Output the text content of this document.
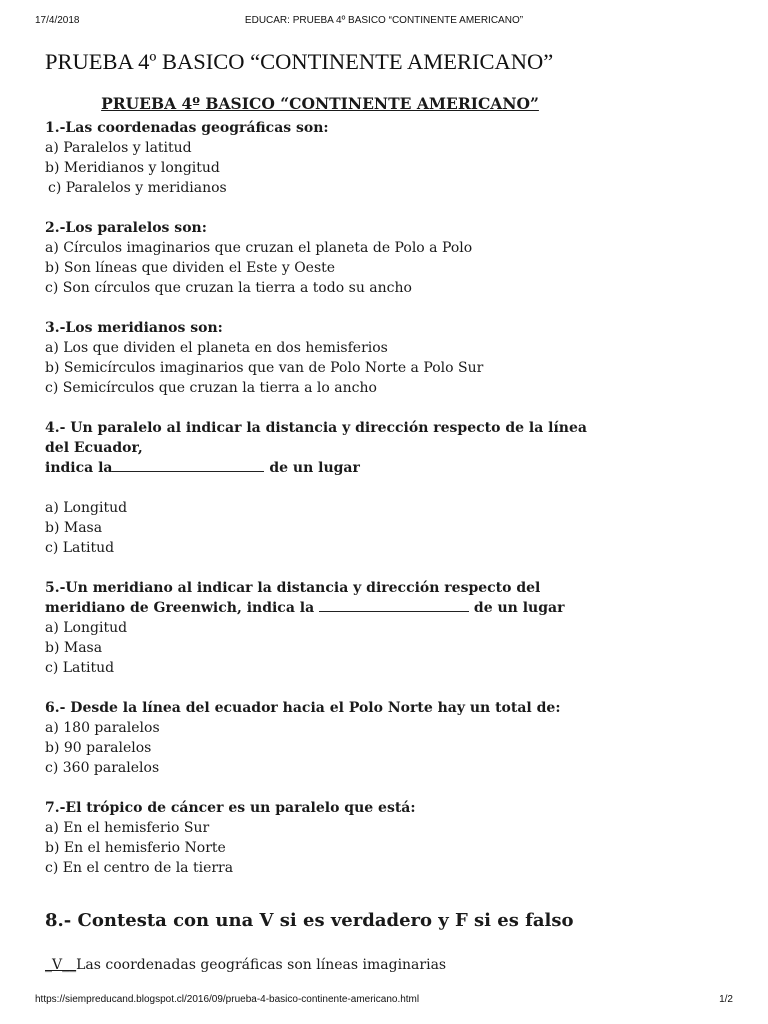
17/4/2018	EDUCAR: PRUEBA 4º BASICO “CONTINENTE AMERICANO”
PRUEBA 4º BASICO “CONTINENTE AMERICANO”
PRUEBA 4º BASICO “CONTINENTE AMERICANO”
1.-Las coordenadas geográficas son:
a) Paralelos y latitud
b) Meridianos y longitud
c) Paralelos y meridianos
2.-Los paralelos son:
a) Círculos imaginarios que cruzan el planeta de Polo a Polo
b) Son líneas que dividen el Este y Oeste
c) Son círculos que cruzan la tierra a todo su ancho
3.-Los meridianos son:
a) Los que dividen el planeta en dos hemisferios
b) Semicírculos imaginarios que van de Polo Norte a Polo Sur
c) Semicírculos que cruzan la tierra a lo ancho
4.- Un paralelo al indicar la distancia y dirección respecto de la línea
del Ecuador,
indica la	de un lugar
a) Longitud
b) Masa
c) Latitud
5.-Un meridiano al indicar la distancia y dirección respecto del
meridiano de Greenwich, indica la	de un lugar
a) Longitud
b) Masa
c) Latitud
6.- Desde la línea del ecuador hacia el Polo Norte hay un total de:
a) 180 paralelos
b) 90 paralelos
c) 360 paralelos
7.-El trópico de cáncer es un paralelo que está:
a) En el hemisferio Sur
b) En el hemisferio Norte
c) En el centro de la tierra
8.- Contesta con una V si es verdadero y F si es falso
_V__Las coordenadas geográficas son líneas imaginarias
https://siempreducand.blogspot.cl/2016/09/prueba-4-basico-continente-americano.html	1/2
